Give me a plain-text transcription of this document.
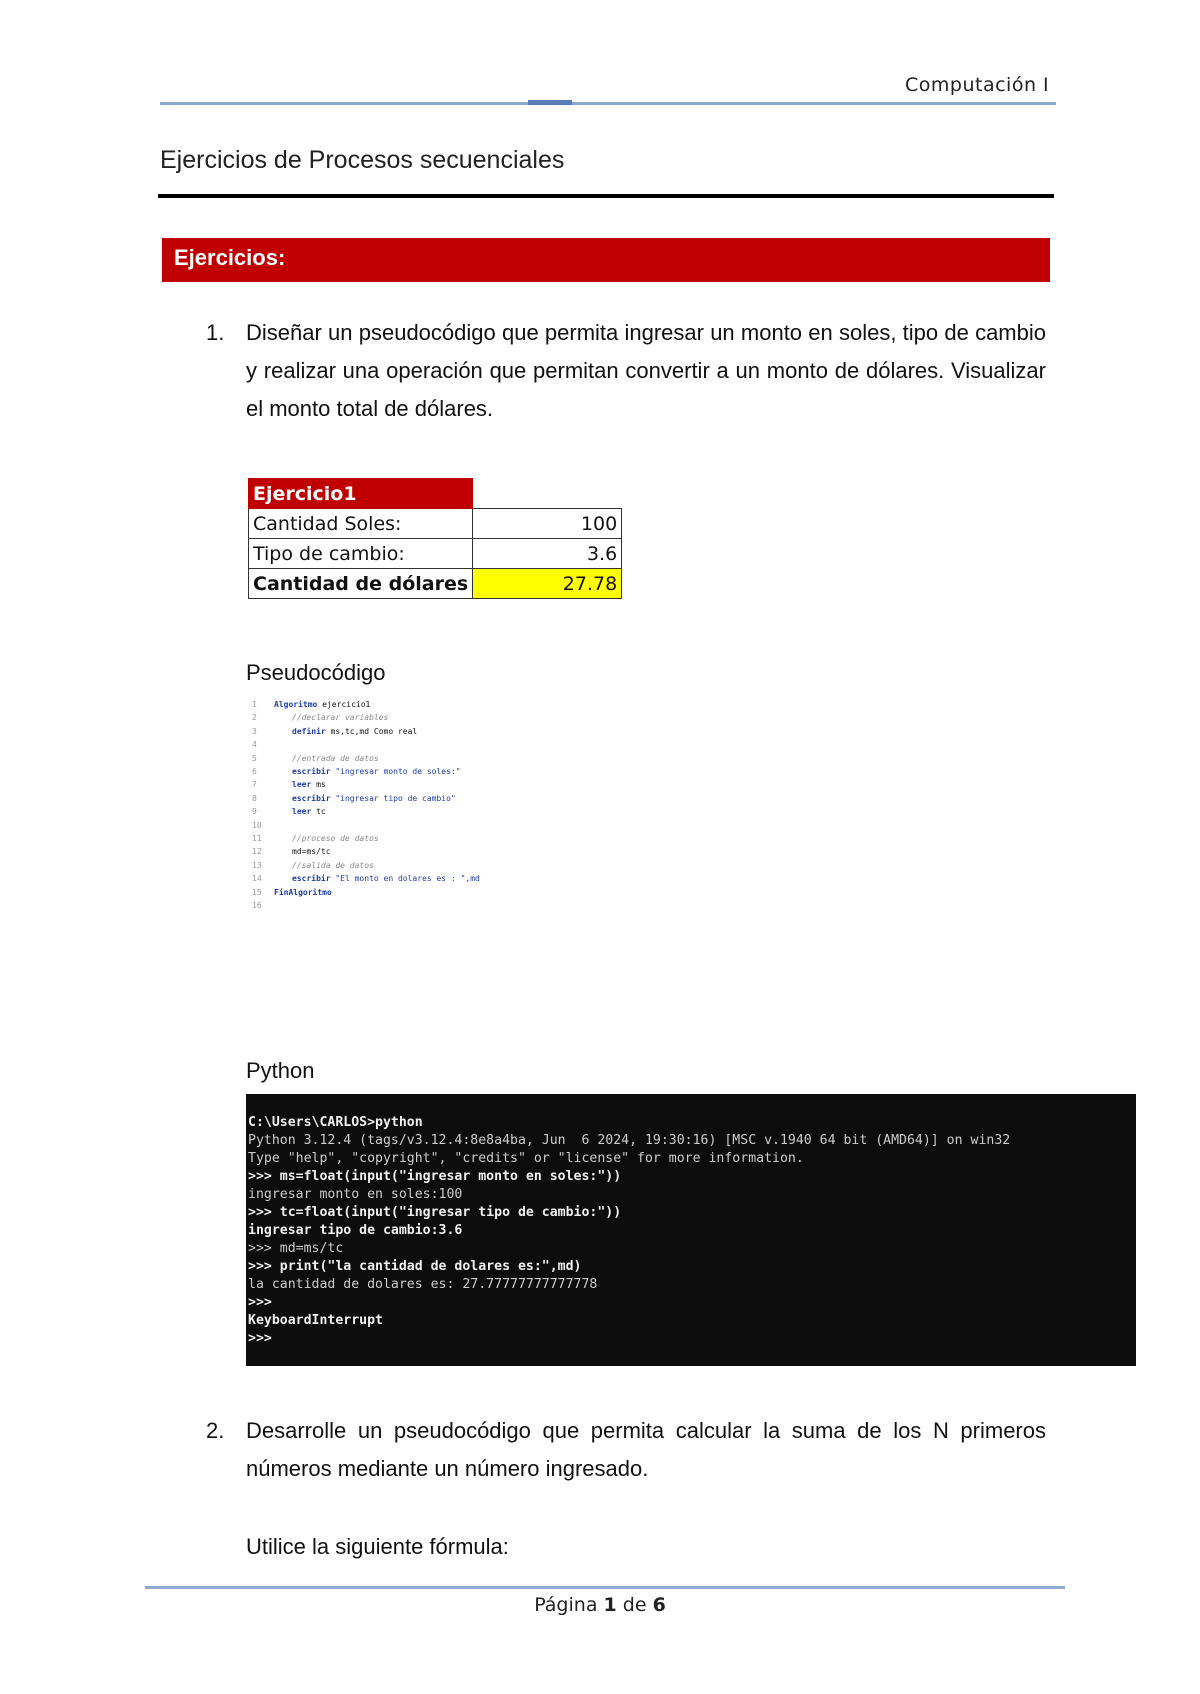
Computación I
Ejercicios de Procesos secuenciales
Ejercicios:
1. Diseñar un pseudocódigo que permita ingresar un monto en soles, tipo de cambio y realizar una operación que permitan convertir a un monto de dólares. Visualizar el monto total de dólares.
Ejercicio1	
Cantidad Soles:	100
Tipo de cambio:	3.6
Cantidad de dólares	27.78
Pseudocódigo
1	Algoritmo ejercicio1
2	//declarar variables
3	definir ms,tc,md Como real
4
5	//entrada de datos
6	escribir "ingresar monto de soles:"
7	leer ms
8	escribir "ingresar tipo de cambio"
9	leer tc
10
11	//proceso de datos
12	md=ms/tc
13	//salida de datos
14	escribir "El monto en dolares es : ",md
15	FinAlgoritmo
16
Python
C:\Users\CARLOS>python
Python 3.12.4 (tags/v3.12.4:8e8a4ba, Jun  6 2024, 19:30:16) [MSC v.1940 64 bit (AMD64)] on win32
Type "help", "copyright", "credits" or "license" for more information.
>>> ms=float(input("ingresar monto en soles:"))
ingresar monto en soles:100
>>> tc=float(input("ingresar tipo de cambio:"))
ingresar tipo de cambio:3.6
>>> md=ms/tc
>>> print("la cantidad de dolares es:",md)
la cantidad de dolares es: 27.77777777777778
>>>
KeyboardInterrupt
>>>
2. Desarrolle un pseudocódigo que permita calcular la suma de los N primeros números mediante un número ingresado.
Utilice la siguiente fórmula:
Página 1 de 6
